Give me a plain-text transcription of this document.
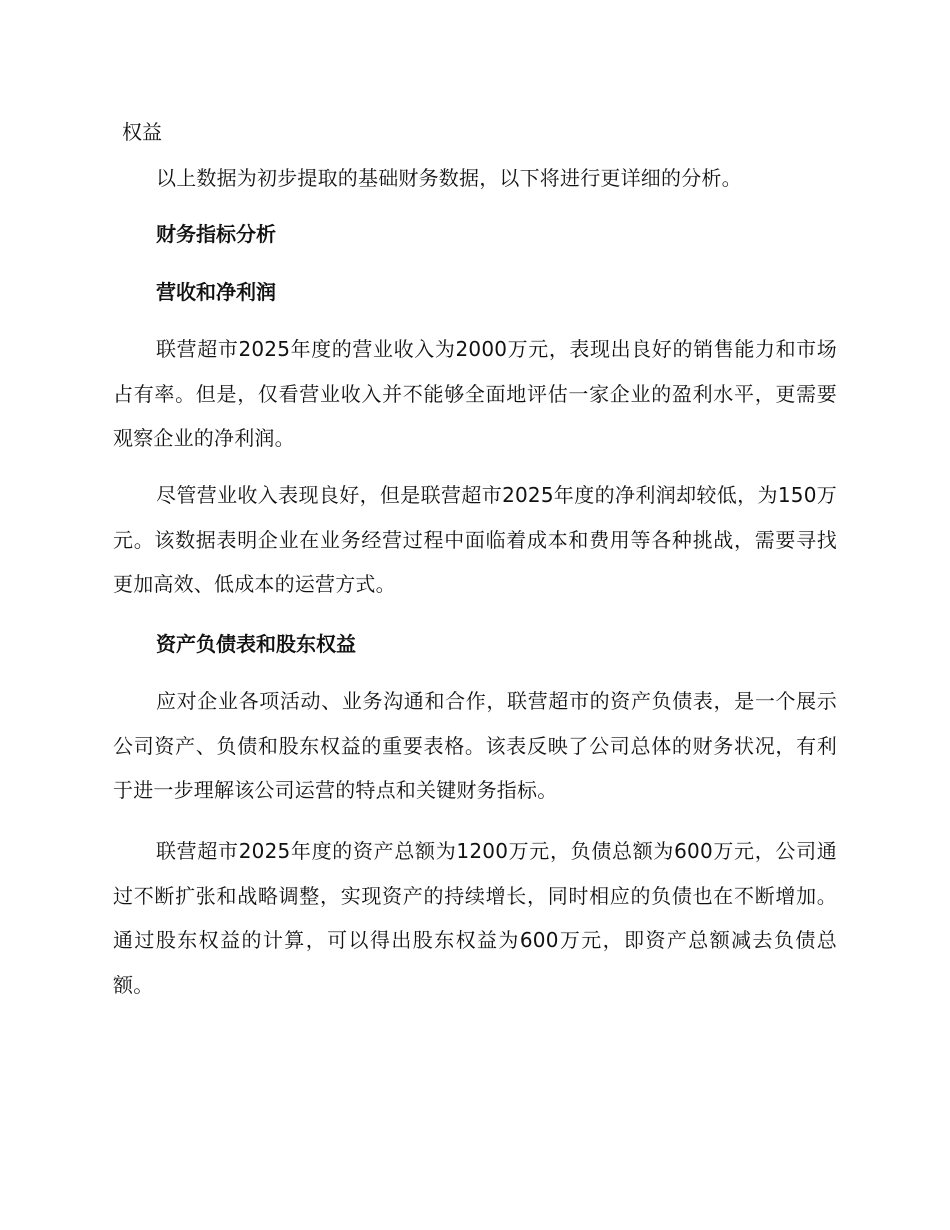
权益

以上数据为初步提取的基础财务数据，以下将进行更详细的分析。

财务指标分析
营收和净利润

联营超市2025年度的营业收入为2000万元，表现出良好的销售能力和市场占有率。但是，仅看营业收入并不能够全面地评估一家企业的盈利水平，更需要观察企业的净利润。

尽管营业收入表现良好，但是联营超市2025年度的净利润却较低，为150万元。该数据表明企业在业务经营过程中面临着成本和费用等各种挑战，需要寻找更加高效、低成本的运营方式。

资产负债表和股东权益

应对企业各项活动、业务沟通和合作，联营超市的资产负债表，是一个展示公司资产、负债和股东权益的重要表格。该表反映了公司总体的财务状况，有利于进一步理解该公司运营的特点和关键财务指标。

联营超市2025年度的资产总额为1200万元，负债总额为600万元，公司通过不断扩张和战略调整，实现资产的持续增长，同时相应的负债也在不断增加。通过股东权益的计算，可以得出股东权益为600万元，即资产总额减去负债总额。
